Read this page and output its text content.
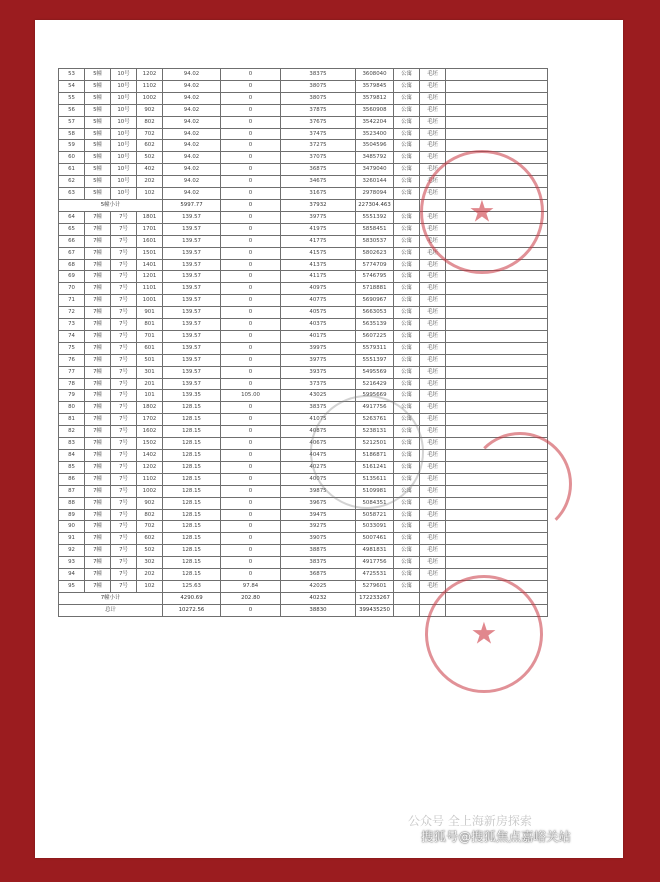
53	5幢	10号	1202	94.02	0	38375	3608040	公寓	毛坯	
54	5幢	10号	1102	94.02	0	38075	3579845	公寓	毛坯	
55	5幢	10号	1002	94.02	0	38075	3579812	公寓	毛坯	
56	5幢	10号	902	94.02	0	37875	3560908	公寓	毛坯	
57	5幢	10号	802	94.02	0	37675	3542204	公寓	毛坯	
58	5幢	10号	702	94.02	0	37475	3523400	公寓	毛坯	
59	5幢	10号	602	94.02	0	37275	3504596	公寓	毛坯	
60	5幢	10号	502	94.02	0	37075	3485792	公寓	毛坯	
61	5幢	10号	402	94.02	0	36875	3479040	公寓	毛坯	
62	5幢	10号	202	94.02	0	34675	3260144	公寓	毛坯	
63	5幢	10号	102	94.02	0	31675	2978094	公寓	毛坯	
5幢小计				5997.77	0	37932	227304.463			
64	7幢	7号	1801	139.57	0	39775	5551392	公寓	毛坯	
65	7幢	7号	1701	139.57	0	41975	5858451	公寓	毛坯	
66	7幢	7号	1601	139.57	0	41775	5830537	公寓	毛坯	
67	7幢	7号	1501	139.57	0	41575	5802623	公寓	毛坯	
68	7幢	7号	1401	139.57	0	41375	5774709	公寓	毛坯	
69	7幢	7号	1201	139.57	0	41175	5746795	公寓	毛坯	
70	7幢	7号	1101	139.57	0	40975	5718881	公寓	毛坯	
71	7幢	7号	1001	139.57	0	40775	5690967	公寓	毛坯	
72	7幢	7号	901	139.57	0	40575	5663053	公寓	毛坯	
73	7幢	7号	801	139.57	0	40375	5635139	公寓	毛坯	
74	7幢	7号	701	139.57	0	40175	5607225	公寓	毛坯	
75	7幢	7号	601	139.57	0	39975	5579311	公寓	毛坯	
76	7幢	7号	501	139.57	0	39775	5551397	公寓	毛坯	
77	7幢	7号	301	139.57	0	39375	5495569	公寓	毛坯	
78	7幢	7号	201	139.57	0	37375	5216429	公寓	毛坯	
79	7幢	7号	101	139.35	105.00	43025	5995669	公寓	毛坯	
80	7幢	7号	1802	128.15	0	38375	4917756	公寓	毛坯	
81	7幢	7号	1702	128.15	0	41075	5263761	公寓	毛坯	
82	7幢	7号	1602	128.15	0	40875	5238131	公寓	毛坯	
83	7幢	7号	1502	128.15	0	40675	5212501	公寓	毛坯	
84	7幢	7号	1402	128.15	0	40475	5186871	公寓	毛坯	
85	7幢	7号	1202	128.15	0	40275	5161241	公寓	毛坯	
86	7幢	7号	1102	128.15	0	40075	5135611	公寓	毛坯	
87	7幢	7号	1002	128.15	0	39875	5109981	公寓	毛坯	
88	7幢	7号	902	128.15	0	39675	5084351	公寓	毛坯	
89	7幢	7号	802	128.15	0	39475	5058721	公寓	毛坯	
90	7幢	7号	702	128.15	0	39275	5033091	公寓	毛坯	
91	7幢	7号	602	128.15	0	39075	5007461	公寓	毛坯	
92	7幢	7号	502	128.15	0	38875	4981831	公寓	毛坯	
93	7幢	7号	302	128.15	0	38375	4917756	公寓	毛坯	
94	7幢	7号	202	128.15	0	36875	4725531	公寓	毛坯	
95	7幢	7号	102	125.63	97.84	42025	5279601	公寓	毛坯	
7幢小计				4290.69	202.80	40232	172233267			
总计				10272.56	0	38830	399435250			
★
★
公众号 全上海新房探索
搜狐号@搜狐焦点嘉峪关站
